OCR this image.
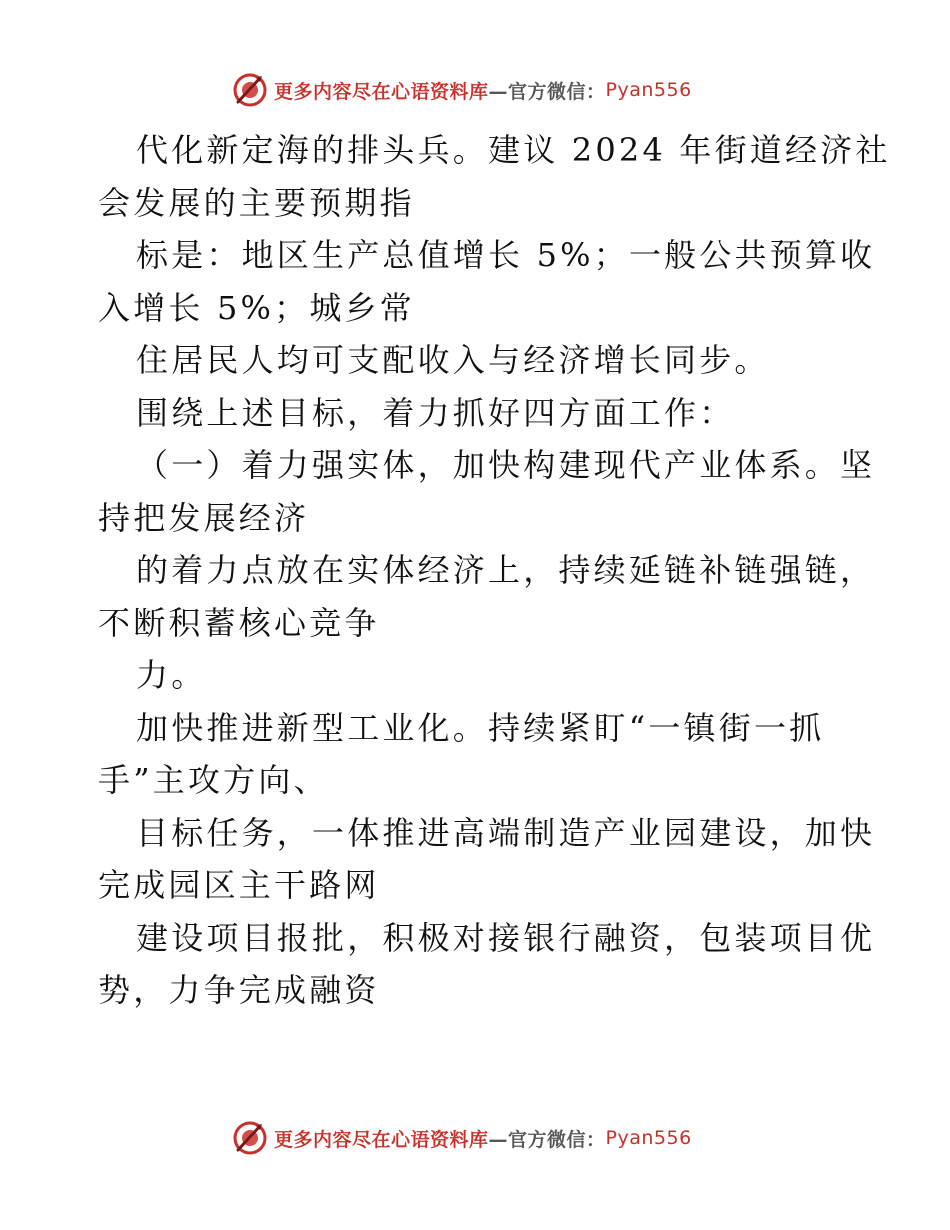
更多内容尽在心语资料库 —官方微信： Pyan556
代化新定海的排头兵。建议 2024 年街道经济社
会发展的主要预期指
标是：地区生产总值增长 5%；一般公共预算收
入增长 5%；城乡常
住居民人均可支配收入与经济增长同步。
围绕上述目标，着力抓好四方面工作：
（一）着力强实体，加快构建现代产业体系。坚
持把发展经济
的着力点放在实体经济上，持续延链补链强链，
不断积蓄核心竞争
力。
加快推进新型工业化。持续紧盯“一镇街一抓
手”主攻方向、
目标任务，一体推进高端制造产业园建设，加快
完成园区主干路网
建设项目报批，积极对接银行融资，包装项目优
势，力争完成融资
更多内容尽在心语资料库 —官方微信： Pyan556
